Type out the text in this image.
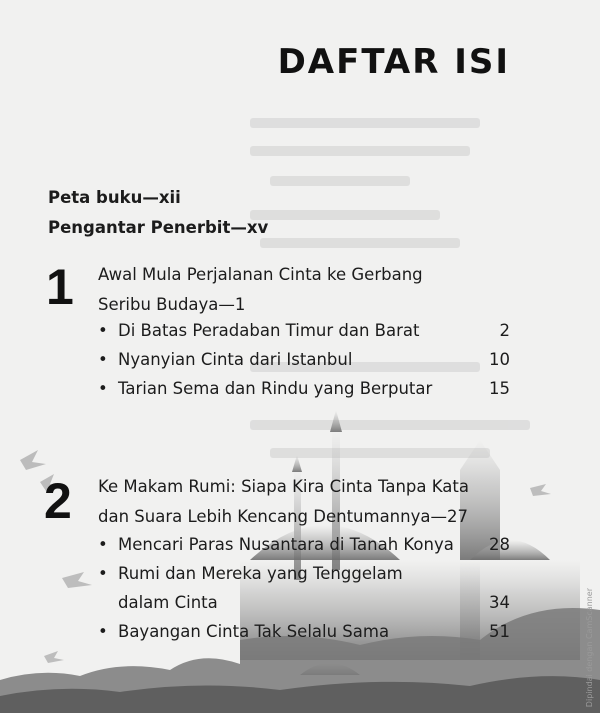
DAFTAR ISI
Peta buku—xii
Pengantar Penerbit—xv
1 Awal Mula Perjalanan Cinta ke Gerbang
Seribu Budaya—1
• Di Batas Peradaban Timur dan Barat	2
• Nyanyian Cinta dari Istanbul	10
• Tarian Sema dan Rindu yang Berputar	15
2 Ke Makam Rumi: Siapa Kira Cinta Tanpa Kata
dan Suara Lebih Kencang Dentumannya—27
• Mencari Paras Nusantara di Tanah Konya 28
• Rumi dan Mereka yang Tenggelam
dalam Cinta	34
• Bayangan Cinta Tak Selalu Sama	51	Dipindai dengan CamScanner
